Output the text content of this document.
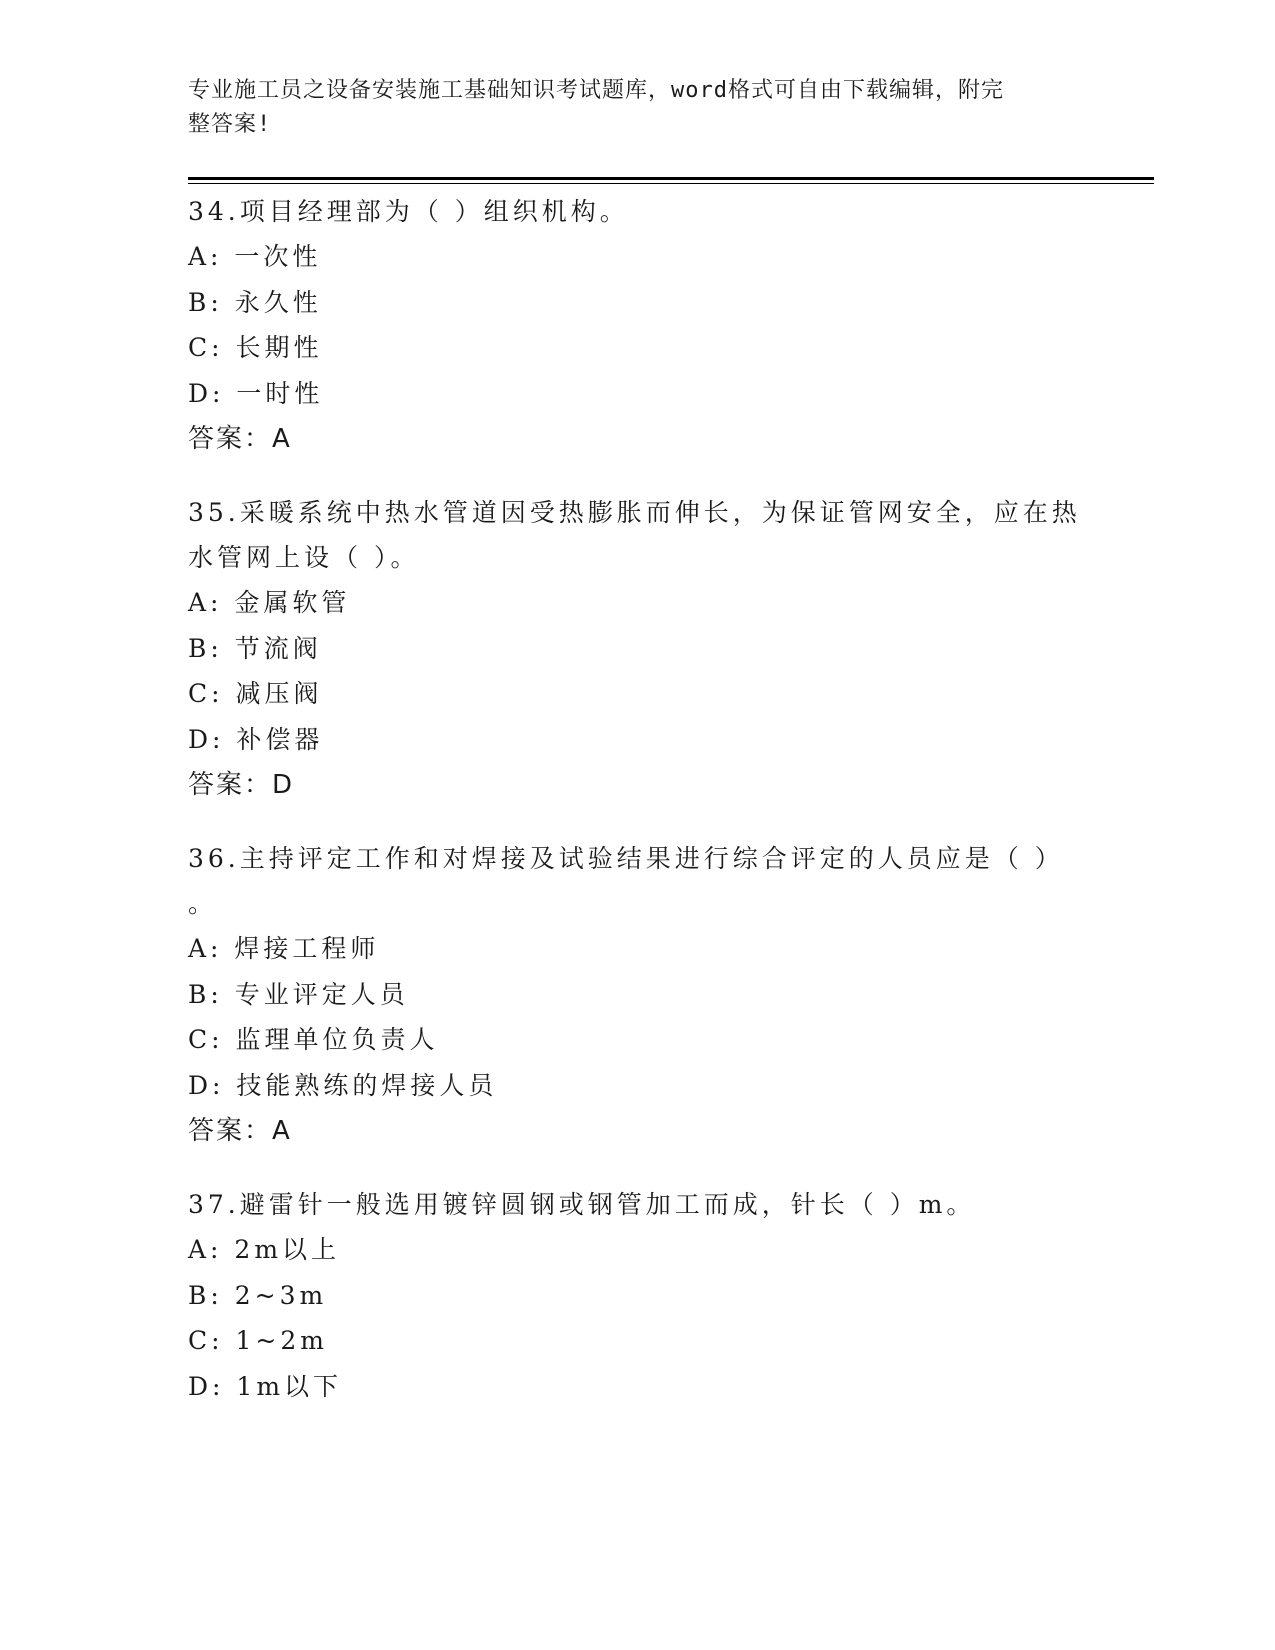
专业施工员之设备安装施工基础知识考试题库，word格式可自由下载编辑，附完
整答案!
34.项目经理部为（ ）组织机构。
A: 一次性
B: 永久性
C: 长期性
D: 一时性
答案：A
35.采暖系统中热水管道因受热膨胀而伸长，为保证管网安全，应在热
水管网上设（ ）。
A: 金属软管
B: 节流阀
C: 减压阀
D: 补偿器
答案：D
36.主持评定工作和对焊接及试验结果进行综合评定的人员应是（ ）
。
A: 焊接工程师
B: 专业评定人员
C: 监理单位负责人
D: 技能熟练的焊接人员
答案：A
37.避雷针一般选用镀锌圆钢或钢管加工而成，针长（ ）m。
A: 2m以上
B: 2~3m
C: 1~2m
D: 1m以下
